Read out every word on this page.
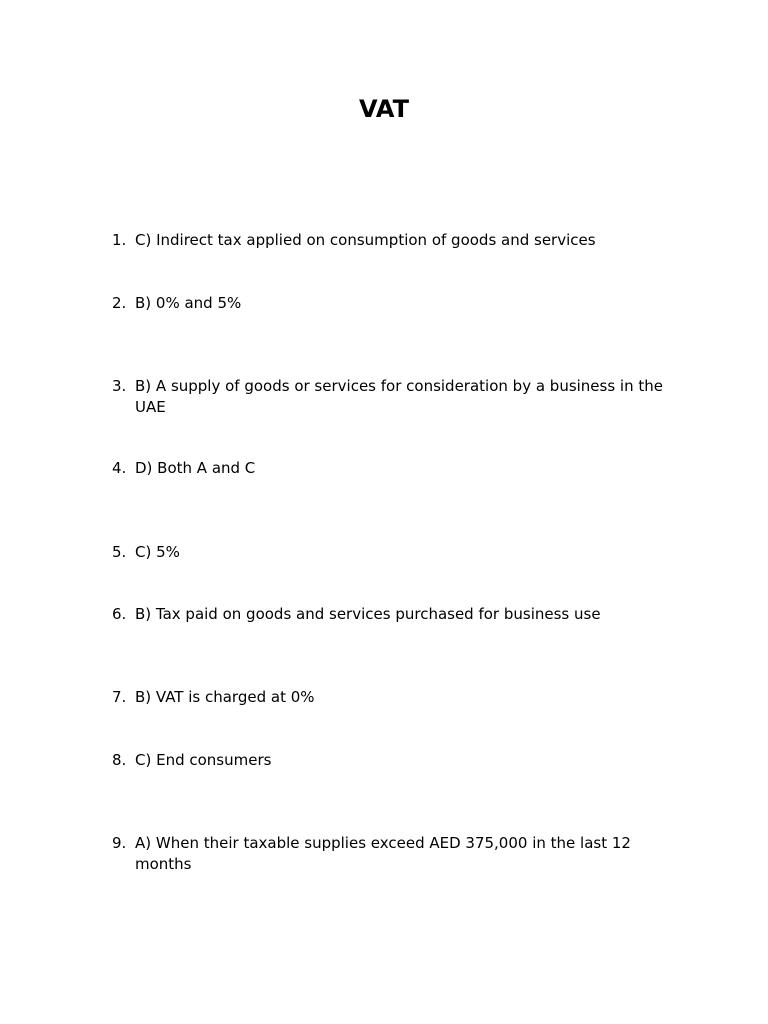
VAT
1. C) Indirect tax applied on consumption of goods and services
2. B) 0% and 5%
3. B) A supply of goods or services for consideration by a business in the UAE
4. D) Both A and C
5. C) 5%
6. B) Tax paid on goods and services purchased for business use
7. B) VAT is charged at 0%
8. C) End consumers
9. A) When their taxable supplies exceed AED 375,000 in the last 12 months
